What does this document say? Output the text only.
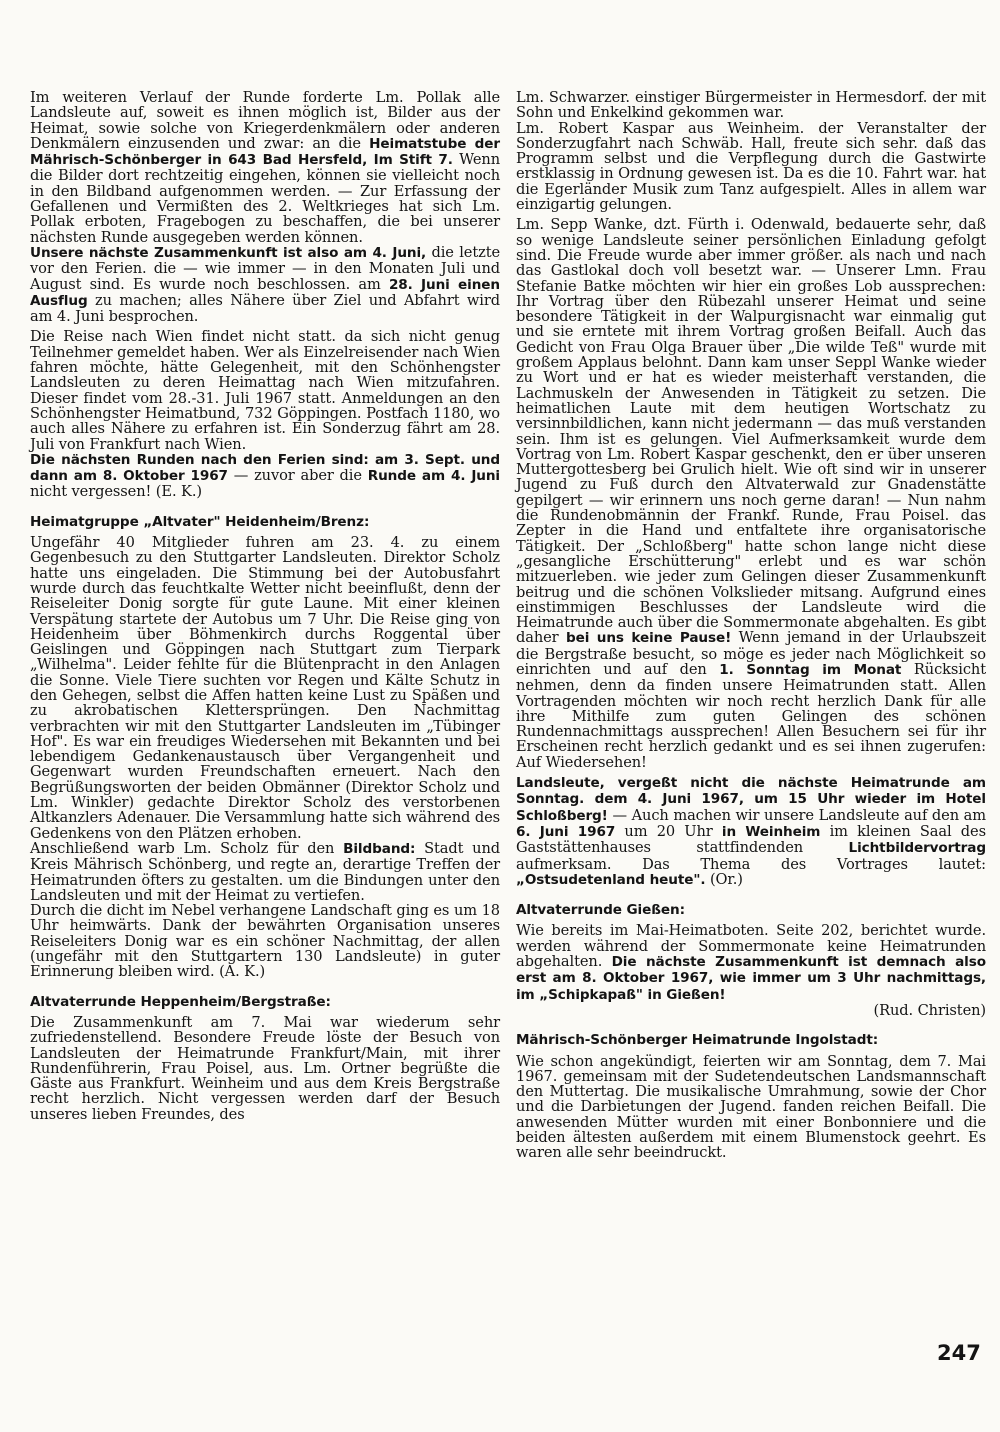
Im weiteren Verlauf der Runde forderte Lm. Pollak alle Landsleute auf, soweit es ihnen möglich ist, Bilder aus der Heimat, sowie solche von Kriegerdenkmälern oder anderen Denkmälern einzusenden und zwar: an die Heimatstube der Mährisch-Schönberger in 643 Bad Hersfeld, Im Stift 7. Wenn die Bilder dort rechtzeitig eingehen, können sie vielleicht noch in den Bildband aufgenommen werden. — Zur Erfassung der Gefallenen und Vermißten des 2. Weltkrieges hat sich Lm. Pollak erboten, Fragebogen zu beschaffen, die bei unserer nächsten Runde ausgegeben werden können.

Unsere nächste Zusammenkunft ist also am 4. Juni, die letzte vor den Ferien. die — wie immer — in den Monaten Juli und August sind. Es wurde noch beschlossen. am 28. Juni einen Ausflug zu machen; alles Nähere über Ziel und Abfahrt wird am 4. Juni besprochen.

Die Reise nach Wien findet nicht statt. da sich nicht genug Teilnehmer gemeldet haben. Wer als Einzelreisender nach Wien fahren möchte, hätte Gelegenheit, mit den Schönhengster Landsleuten zu deren Heimattag nach Wien mitzufahren. Dieser findet vom 28.-31. Juli 1967 statt. Anmeldungen an den Schönhengster Heimatbund, 732 Göppingen. Postfach 1180, wo auch alles Nähere zu erfahren ist. Ein Sonderzug fährt am 28. Juli von Frankfurt nach Wien.

Die nächsten Runden nach den Ferien sind: am 3. Sept. und dann am 8. Oktober 1967 — zuvor aber die Runde am 4. Juni nicht vergessen! (E. K.)

Heimatgruppe „Altvater" Heidenheim/Brenz:

Ungefähr 40 Mitglieder fuhren am 23. 4. zu einem Gegenbesuch zu den Stuttgarter Landsleuten. Direktor Scholz hatte uns eingeladen. Die Stimmung bei der Autobusfahrt wurde durch das feuchtkalte Wetter nicht beeinflußt, denn der Reiseleiter Donig sorgte für gute Laune. Mit einer kleinen Verspätung startete der Autobus um 7 Uhr. Die Reise ging von Heidenheim über Böhmenkirch durchs Roggental über Geislingen und Göppingen nach Stuttgart zum Tierpark „Wilhelma". Leider fehlte für die Blütenpracht in den Anlagen die Sonne. Viele Tiere suchten vor Regen und Kälte Schutz in den Gehegen, selbst die Affen hatten keine Lust zu Späßen und zu akrobatischen Klettersprüngen. Den Nachmittag verbrachten wir mit den Stuttgarter Landsleuten im „Tübinger Hof". Es war ein freudiges Wiedersehen mit Bekannten und bei lebendigem Gedankenaustausch über Vergangenheit und Gegenwart wurden Freundschaften erneuert. Nach den Begrüßungsworten der beiden Obmänner (Direktor Scholz und Lm. Winkler) gedachte Direktor Scholz des verstorbenen Altkanzlers Adenauer. Die Versammlung hatte sich während des Gedenkens von den Plätzen erhoben.

Anschließend warb Lm. Scholz für den Bildband: Stadt und Kreis Mährisch Schönberg, und regte an, derartige Treffen der Heimatrunden öfters zu gestalten. um die Bindungen unter den Landsleuten und mit der Heimat zu vertiefen.

Durch die dicht im Nebel verhangene Landschaft ging es um 18 Uhr heimwärts. Dank der bewährten Organisation unseres Reiseleiters Donig war es ein schöner Nachmittag, der allen (ungefähr mit den Stuttgartern 130 Landsleute) in guter Erinnerung bleiben wird. (A. K.)

Altvaterrunde Heppenheim/Bergstraße:

Die Zusammenkunft am 7. Mai war wiederum sehr zufriedenstellend. Besondere Freude löste der Besuch von Landsleuten der Heimatrunde Frankfurt/Main, mit ihrer Rundenführerin, Frau Poisel, aus. Lm. Ortner begrüßte die Gäste aus Frankfurt. Weinheim und aus dem Kreis Bergstraße recht herzlich. Nicht vergessen werden darf der Besuch unseres lieben Freundes, des

Lm. Schwarzer. einstiger Bürgermeister in Hermesdorf. der mit Sohn und Enkelkind gekommen war.

Lm. Robert Kaspar aus Weinheim. der Veranstalter der Sonderzugfahrt nach Schwäb. Hall, freute sich sehr. daß das Programm selbst und die Verpflegung durch die Gastwirte erstklassig in Ordnung gewesen ist. Da es die 10. Fahrt war. hat die Egerländer Musik zum Tanz aufgespielt. Alles in allem war einzigartig gelungen.

Lm. Sepp Wanke, dzt. Fürth i. Odenwald, bedauerte sehr, daß so wenige Landsleute seiner persönlichen Einladung gefolgt sind. Die Freude wurde aber immer größer. als nach und nach das Gastlokal doch voll besetzt war. — Unserer Lmn. Frau Stefanie Batke möchten wir hier ein großes Lob aussprechen: Ihr Vortrag über den Rübezahl unserer Heimat und seine besondere Tätigkeit in der Walpurgisnacht war einmalig gut und sie erntete mit ihrem Vortrag großen Beifall. Auch das Gedicht von Frau Olga Brauer über „Die wilde Teß" wurde mit großem Applaus belohnt. Dann kam unser Seppl Wanke wieder zu Wort und er hat es wieder meisterhaft verstanden, die Lachmuskeln der Anwesenden in Tätigkeit zu setzen. Die heimatlichen Laute mit dem heutigen Wortschatz zu versinnbildlichen, kann nicht jedermann — das muß verstanden sein. Ihm ist es gelungen. Viel Aufmerksamkeit wurde dem Vortrag von Lm. Robert Kaspar geschenkt, den er über unseren Muttergottesberg bei Grulich hielt. Wie oft sind wir in unserer Jugend zu Fuß durch den Altvaterwald zur Gnadenstätte gepilgert — wir erinnern uns noch gerne daran! — Nun nahm die Rundenobmännin der Frankf. Runde, Frau Poisel. das Zepter in die Hand und entfaltete ihre organisatorische Tätigkeit. Der „Schloßberg" hatte schon lange nicht diese „gesangliche Erschütterung" erlebt und es war schön mitzuerleben. wie jeder zum Gelingen dieser Zusammenkunft beitrug und die schönen Volkslieder mitsang. Aufgrund eines einstimmigen Beschlusses der Landsleute wird die Heimatrunde auch über die Sommermonate abgehalten. Es gibt daher bei uns keine Pause! Wenn jemand in der Urlaubszeit die Bergstraße besucht, so möge es jeder nach Möglichkeit so einrichten und auf den 1. Sonntag im Monat Rücksicht nehmen, denn da finden unsere Heimatrunden statt. Allen Vortragenden möchten wir noch recht herzlich Dank für alle ihre Mithilfe zum guten Gelingen des schönen Rundennachmittags aussprechen! Allen Besuchern sei für ihr Erscheinen recht herzlich gedankt und es sei ihnen zugerufen: Auf Wiedersehen!

Landsleute, vergeßt nicht die nächste Heimatrunde am Sonntag. dem 4. Juni 1967, um 15 Uhr wieder im Hotel Schloßberg! — Auch machen wir unsere Landsleute auf den am 6. Juni 1967 um 20 Uhr in Weinheim im kleinen Saal des Gaststättenhauses stattfindenden Lichtbildervortrag aufmerksam. Das Thema des Vortrages lautet: „Ostsudetenland heute". (Or.)

Altvaterrunde Gießen:

Wie bereits im Mai-Heimatboten. Seite 202, berichtet wurde. werden während der Sommermonate keine Heimatrunden abgehalten. Die nächste Zusammenkunft ist demnach also erst am 8. Oktober 1967, wie immer um 3 Uhr nachmittags, im „Schipkapaß" in Gießen!

(Rud. Christen)

Mährisch-Schönberger Heimatrunde Ingolstadt:

Wie schon angekündigt, feierten wir am Sonntag, dem 7. Mai 1967. gemeinsam mit der Sudetendeutschen Landsmannschaft den Muttertag. Die musikalische Umrahmung, sowie der Chor und die Darbietungen der Jugend. fanden reichen Beifall. Die anwesenden Mütter wurden mit einer Bonbonniere und die beiden ältesten außerdem mit einem Blumenstock geehrt. Es waren alle sehr beeindruckt.

247
